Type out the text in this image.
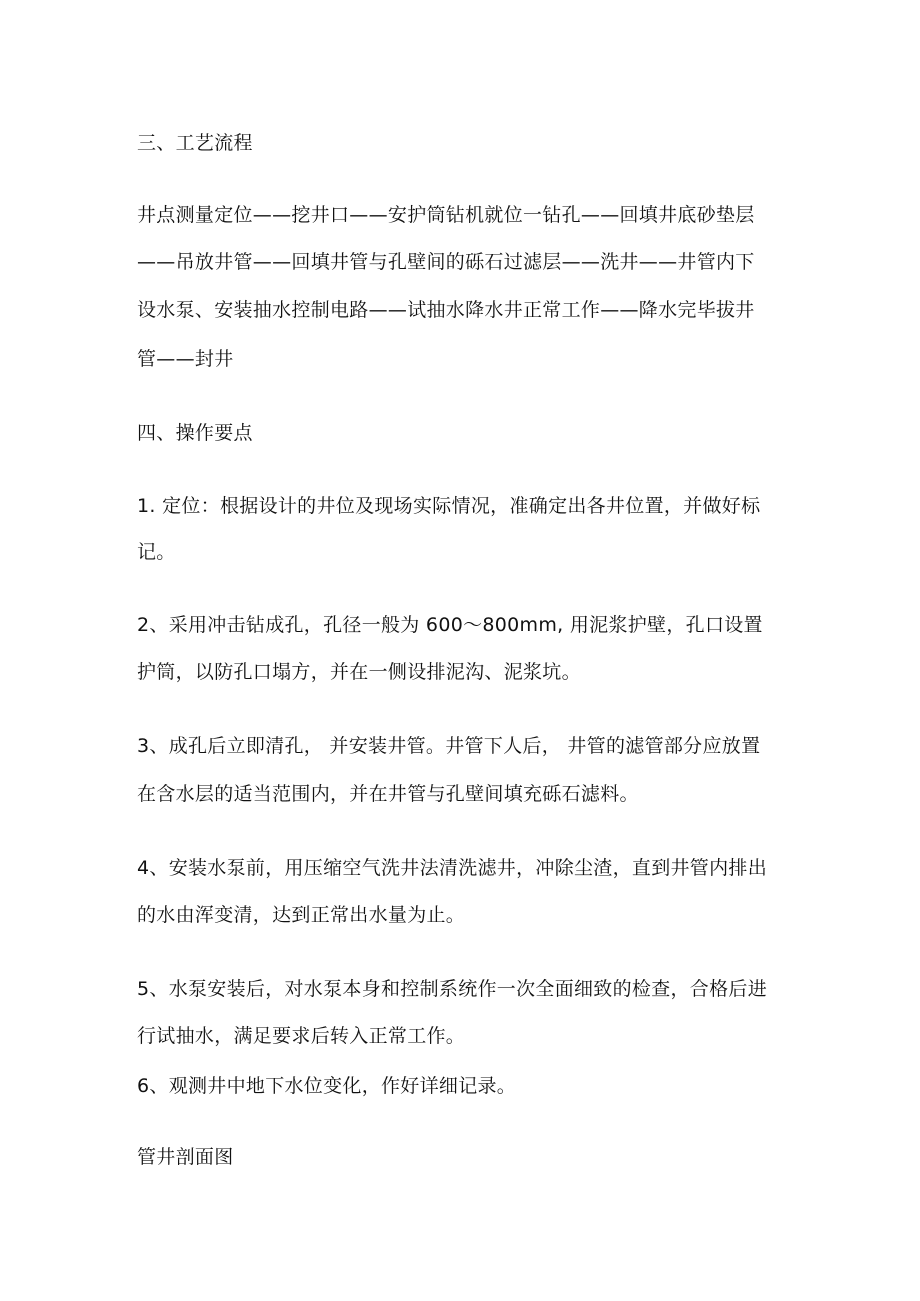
三、工艺流程
井点测量定位——挖井口——安护筒钻机就位一钻孔——回填井底砂垫层
——吊放井管——回填井管与孔壁间的砾石过滤层——洗井——井管内下
设水泵、安装抽水控制电路——试抽水降水井正常工作——降水完毕拔井
管——封井
四、操作要点
1. 定位：根据设计的井位及现场实际情况，准确定出各井位置，并做好标
记。
2、采用冲击钻成孔，孔径一般为 600～800mm, 用泥浆护壁，孔口设置
护筒，以防孔口塌方，并在一侧设排泥沟、泥浆坑。
3、成孔后立即清孔， 并安装井管。井管下人后， 井管的滤管部分应放置
在含水层的适当范围内，并在井管与孔壁间填充砾石滤料。
4、安装水泵前，用压缩空气洗井法清洗滤井，冲除尘渣，直到井管内排出
的水由浑变清，达到正常出水量为止。
5、水泵安装后，对水泵本身和控制系统作一次全面细致的检查，合格后进
行试抽水，满足要求后转入正常工作。
6、观测井中地下水位变化，作好详细记录。
管井剖面图
